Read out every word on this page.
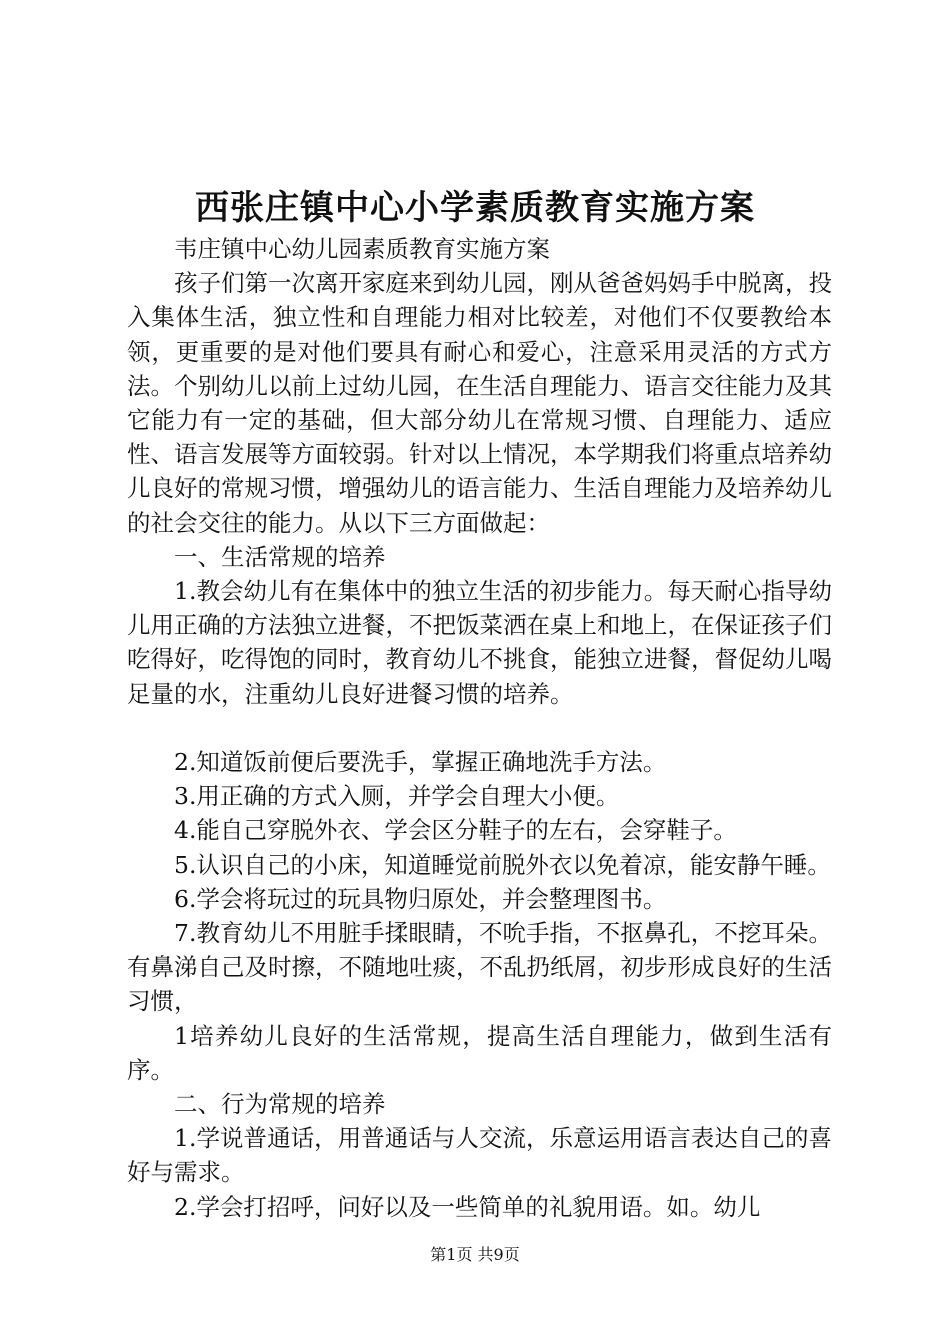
西张庄镇中心小学素质教育实施方案

韦庄镇中心幼儿园素质教育实施方案

孩子们第一次离开家庭来到幼儿园，刚从爸爸妈妈手中脱离，投入集体生活，独立性和自理能力相对比较差，对他们不仅要教给本领，更重要的是对他们要具有耐心和爱心，注意采用灵活的方式方法。个别幼儿以前上过幼儿园，在生活自理能力、语言交往能力及其它能力有一定的基础，但大部分幼儿在常规习惯、自理能力、适应性、语言发展等方面较弱。针对以上情况，本学期我们将重点培养幼儿良好的常规习惯，增强幼儿的语言能力、生活自理能力及培养幼儿的社会交往的能力。从以下三方面做起：

一、生活常规的培养

1.教会幼儿有在集体中的独立生活的初步能力。每天耐心指导幼儿用正确的方法独立进餐，不把饭菜洒在桌上和地上，在保证孩子们吃得好，吃得饱的同时，教育幼儿不挑食，能独立进餐，督促幼儿喝足量的水，注重幼儿良好进餐习惯的培养。

2.知道饭前便后要洗手，掌握正确地洗手方法。

3.用正确的方式入厕，并学会自理大小便。

4.能自己穿脱外衣、学会区分鞋子的左右，会穿鞋子。

5.认识自己的小床，知道睡觉前脱外衣以免着凉，能安静午睡。

6.学会将玩过的玩具物归原处，并会整理图书。

7.教育幼儿不用脏手揉眼睛，不吮手指，不抠鼻孔，不挖耳朵。有鼻涕自己及时擦，不随地吐痰，不乱扔纸屑，初步形成良好的生活习惯，

1培养幼儿良好的生活常规，提高生活自理能力，做到生活有序。

二、行为常规的培养

1.学说普通话，用普通话与人交流，乐意运用语言表达自己的喜好与需求。

2.学会打招呼，问好以及一些简单的礼貌用语。如。幼儿

第1页 共9页
